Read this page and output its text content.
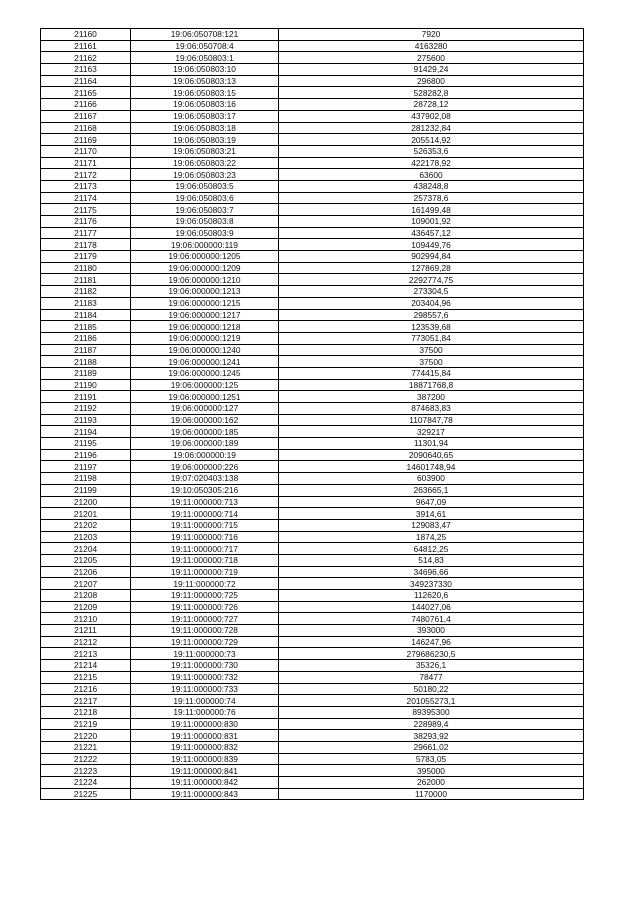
21160	19:06:050708:121	7920
21161	19:06:050708:4	4163280
21162	19:06:050803:1	275600
21163	19:06:050803:10	91429,24
21164	19:06:050803:13	296800
21165	19:06:050803:15	528282,8
21166	19:06:050803:16	28728,12
21167	19:06:050803:17	437902,08
21168	19:06:050803:18	281232,84
21169	19:06:050803:19	205514,92
21170	19:06:050803:21	526353,6
21171	19:06:050803:22	422178,92
21172	19:06:050803:23	63600
21173	19:06:050803:5	438248,8
21174	19:06:050803:6	257378,6
21175	19:06:050803:7	161499,48
21176	19:06:050803:8	109001,92
21177	19:06:050803:9	436457,12
21178	19:06:000000:119	109449,76
21179	19:06:000000:1205	902994,84
21180	19:06:000000:1209	127869,28
21181	19:06:000000:1210	2292774,75
21182	19:06:000000:1213	273304,5
21183	19:06:000000:1215	203404,96
21184	19:06:000000:1217	298557,6
21185	19:06:000000:1218	123539,68
21186	19:06:000000:1219	773051,84
21187	19:06:000000:1240	37500
21188	19:06:000000:1241	37500
21189	19:06:000000:1245	774415,84
21190	19:06:000000:125	18871768,8
21191	19:06:000000:1251	387200
21192	19:06:000000:127	874683,83
21193	19:06:000000:162	1107847,78
21194	19:06:000000:185	329217
21195	19:06:000000:189	11301,94
21196	19:06:000000:19	2090640,65
21197	19:06:000000:226	14601748,94
21198	19:07:020403:138	603900
21199	19:10:050305:216	263665,1
21200	19:11:000000:713	9647,09
21201	19:11:000000:714	3914,61
21202	19:11:000000:715	129083,47
21203	19:11:000000:716	1874,25
21204	19:11:000000:717	64812,25
21205	19:11:000000:718	514,83
21206	19:11:000000:719	34696,66
21207	19:11:000000:72	349237330
21208	19:11:000000:725	112620,6
21209	19:11:000000:726	144027,06
21210	19:11:000000:727	7480761,4
21211	19:11:000000:728	393000
21212	19:11:000000:729	146247,96
21213	19:11:000000:73	279686230,5
21214	19:11:000000:730	35326,1
21215	19:11:000000:732	78477
21216	19:11:000000:733	50180,22
21217	19:11:000000:74	201055273,1
21218	19:11:000000:76	89395300
21219	19:11:000000:830	228989,4
21220	19:11:000000:831	38293,92
21221	19:11:000000:832	29661,02
21222	19:11:000000:839	5783,05
21223	19:11:000000:841	395000
21224	19:11:000000:842	262000
21225	19:11:000000:843	1170000
